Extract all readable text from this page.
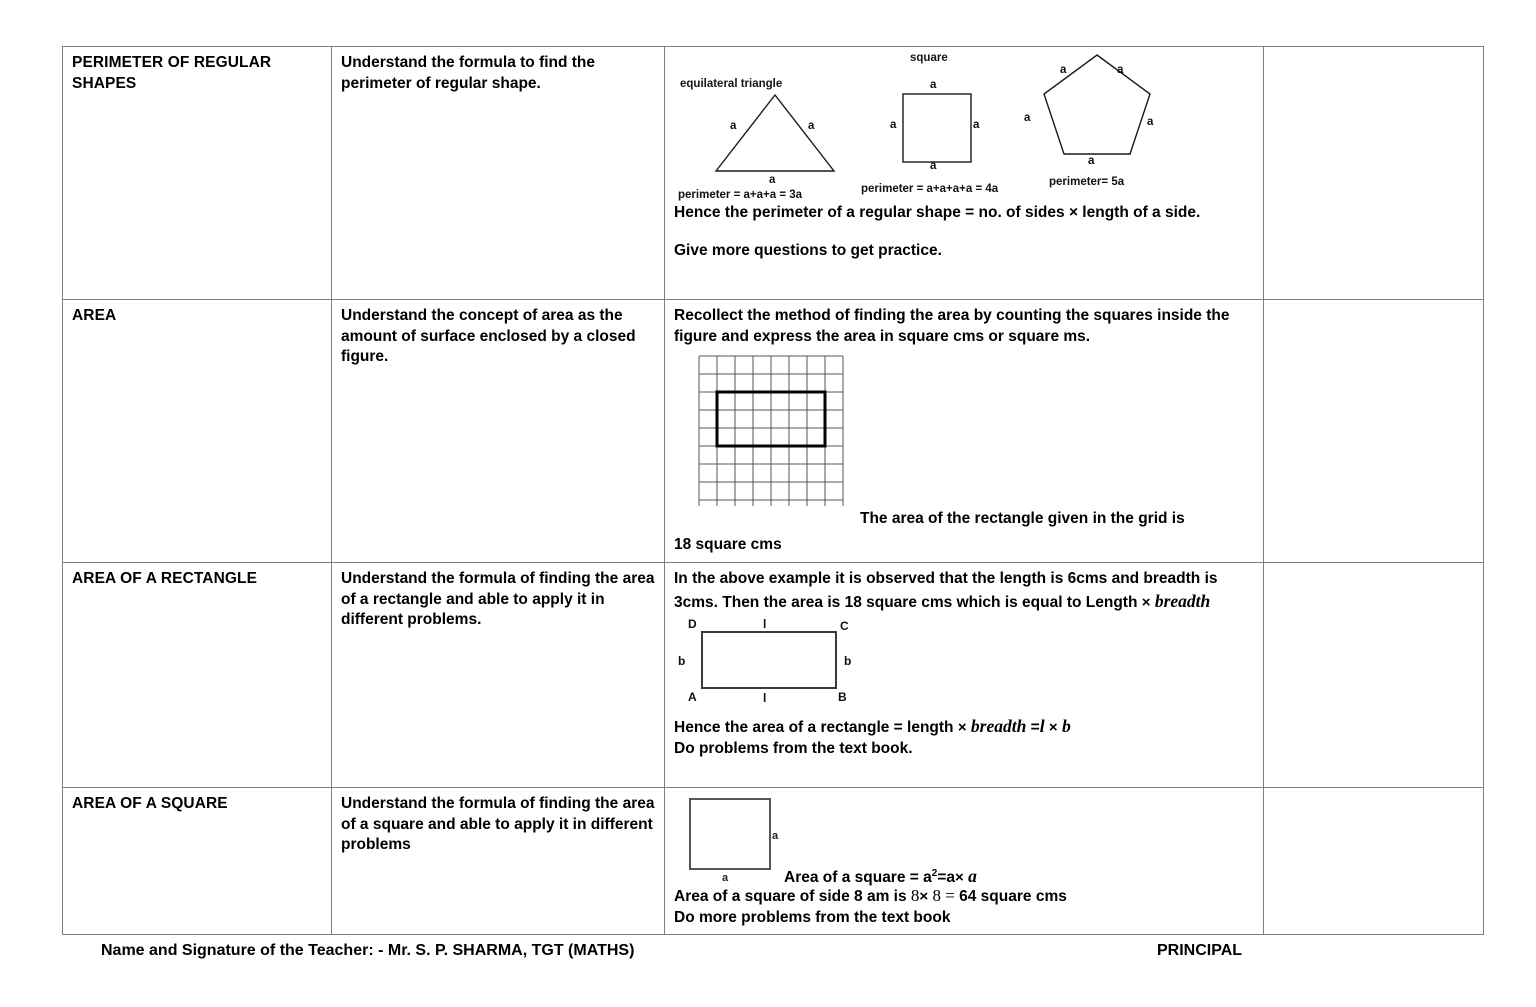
PERIMETER OF REGULAR SHAPES	Understand the formula to find the perimeter of regular shape.	equilateral triangle
a	a
a
perimeter = a+a+a = 3a
square
a
a	a
a
perimeter = a+a+a+a = 4a
a	a
a	a
a
perimeter= 5a
Hence the perimeter of a regular shape = no. of sides × length of a side.
Give more questions to get practice.

AREA	Understand the concept of area as the amount of surface enclosed by a closed figure.	Recollect the method of finding the area by counting the squares inside the figure and express the area in square cms or square ms.
The area of the rectangle given in the grid is
18 square cms	

AREA OF A RECTANGLE	Understand the formula of finding the area of a rectangle and able to apply it in different problems.	
In the above example it is observed that the length is 6cms and breadth is 3cms. Then the area is 18 square cms which is equal to Length × breadth
D	C
A	B
l
l
b	b
Hence the area of a rectangle = length × breadth =l × b
Do problems from the text book.

AREA OF A SQUARE	Understand the formula of finding the area of a square and able to apply it in different problems	a
a Area of a square = $a^2=a\times a$
Area of a square of side 8 am is 8× 8 = 64 square cms
Do more problems from the text book	

Name and Signature of the Teacher: - Mr. S. P. SHARMA, TGT (MATHS)	PRINCIPAL
